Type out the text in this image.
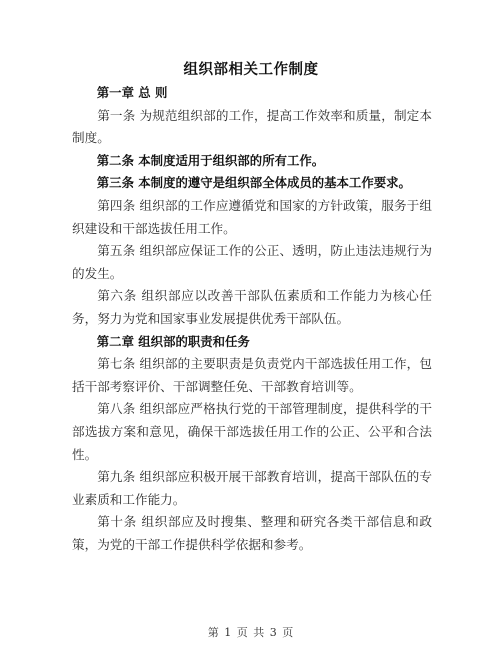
组织部相关工作制度

第一章 总 则

第一条 为规范组织部的工作，提高工作效率和质量，制定本制度。

第二条 本制度适用于组织部的所有工作。

第三条 本制度的遵守是组织部全体成员的基本工作要求。

第四条 组织部的工作应遵循党和国家的方针政策，服务于组织建设和干部选拔任用工作。

第五条 组织部应保证工作的公正、透明，防止违法违规行为的发生。

第六条 组织部应以改善干部队伍素质和工作能力为核心任务，努力为党和国家事业发展提供优秀干部队伍。

第二章 组织部的职责和任务

第七条 组织部的主要职责是负责党内干部选拔任用工作，包括干部考察评价、干部调整任免、干部教育培训等。

第八条 组织部应严格执行党的干部管理制度，提供科学的干部选拔方案和意见，确保干部选拔任用工作的公正、公平和合法性。

第九条 组织部应积极开展干部教育培训，提高干部队伍的专业素质和工作能力。

第十条 组织部应及时搜集、整理和研究各类干部信息和政策，为党的干部工作提供科学依据和参考。

第 1 页 共 3 页
